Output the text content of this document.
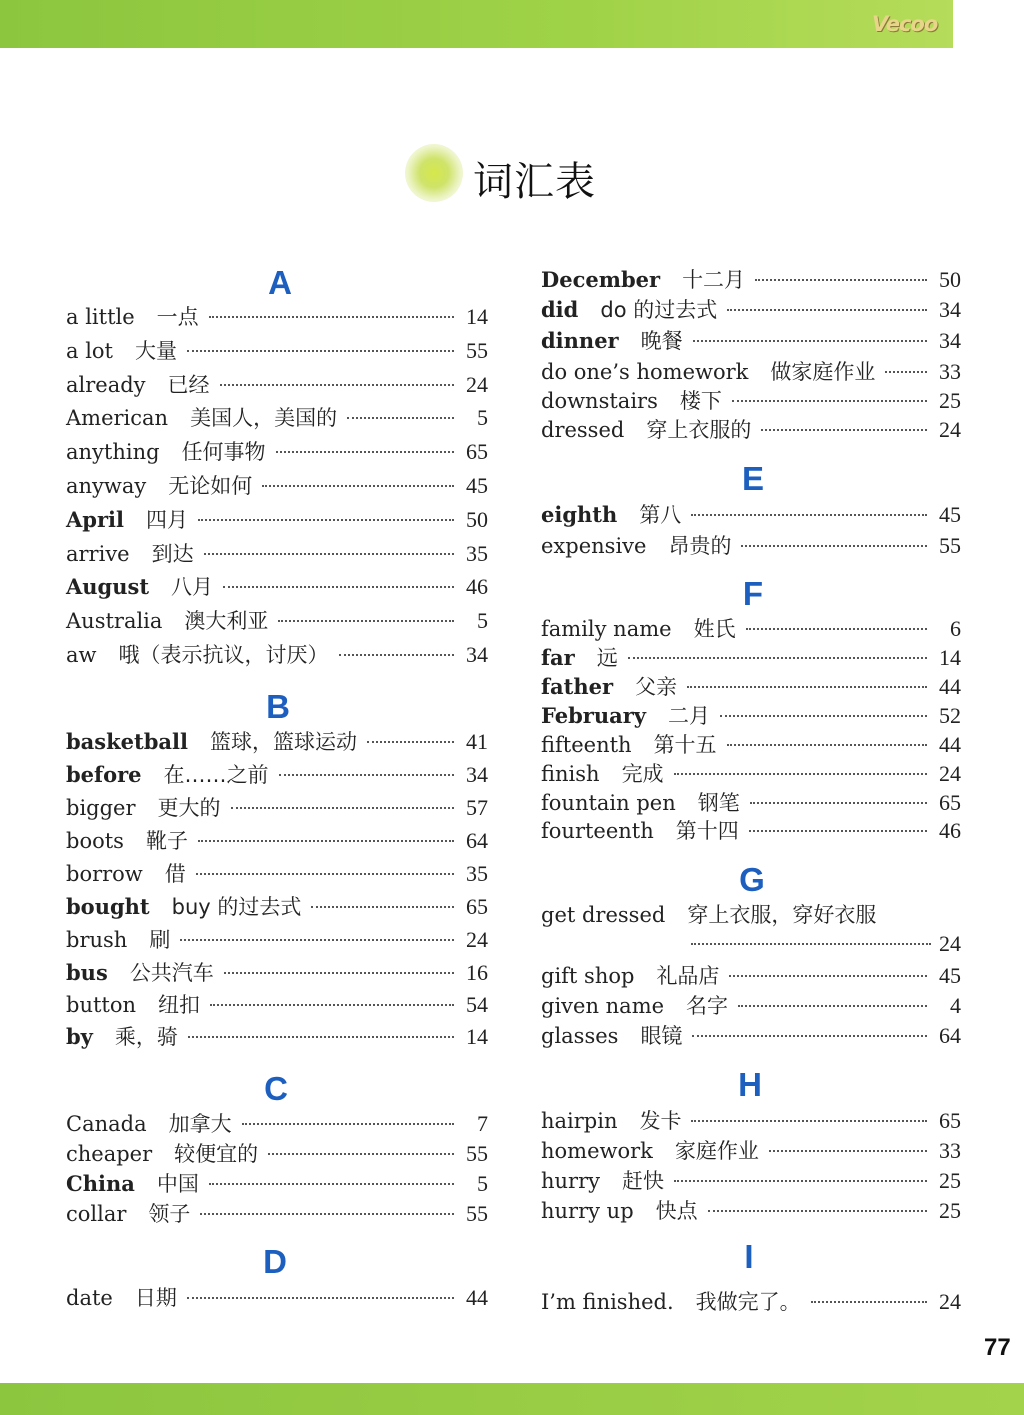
Vecoo
词汇表
A
a little 一点	14
a lot 大量	55
already 已经	24
American 美国人，美国的	5
anything 任何事物	65
anyway 无论如何	45
April 四月	50
arrive 到达	35
August 八月	46
Australia 澳大利亚	5
aw 哦（表示抗议，讨厌）	34
B
basketball 篮球，篮球运动	41
before 在……之前	34
bigger 更大的	57
boots 靴子	64
borrow 借	35
bought buy 的过去式	65
brush 刷	24
bus 公共汽车	16
button 纽扣	54
by 乘，骑	14
C
Canada 加拿大	7
cheaper 较便宜的	55
China 中国	5
collar 领子	55
D
date 日期	44
December 十二月	50
did do 的过去式	34
dinner 晚餐	34
do one’s homework 做家庭作业	33
downstairs 楼下	25
dressed 穿上衣服的	24
E
eighth 第八	45
expensive 昂贵的	55
F
family name 姓氏	6
far 远	14
father 父亲	44
February 二月	52
fifteenth 第十五	44
finish 完成	24
fountain pen 钢笔	65
fourteenth 第十四	46
G
get dressed 穿上衣服，穿好衣服
24
gift shop 礼品店	45
given name 名字	4
glasses 眼镜	64
H
hairpin 发卡	65
homework 家庭作业	33
hurry 赶快	25
hurry up 快点	25
I
I’m finished. 我做完了。	24
77
